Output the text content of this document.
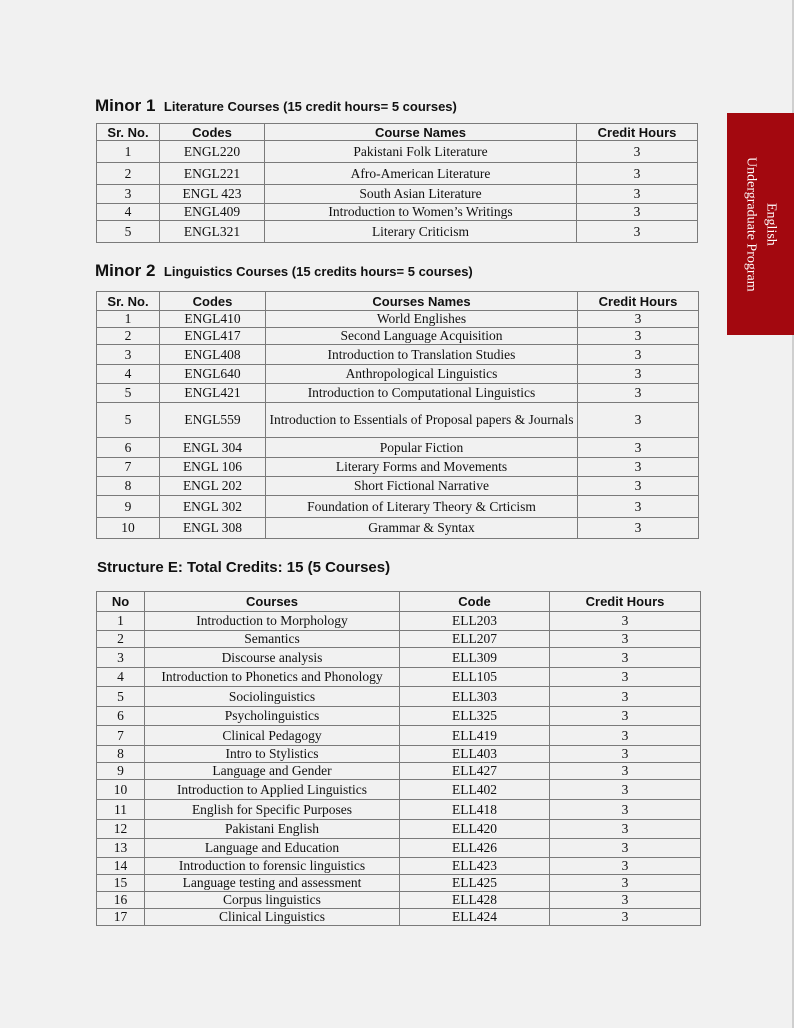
English
Undergraduate Program
Minor 1 Literature Courses (15 credit hours= 5 courses)
Sr. No.	Codes	Course Names	Credit Hours
1	ENGL220	Pakistani Folk Literature	3
2	ENGL221	Afro-American Literature	3
3	ENGL 423	South Asian Literature	3
4	ENGL409	Introduction to Women’s Writings	3
5	ENGL321	Literary Criticism	3
Minor 2 Linguistics Courses (15 credits hours= 5 courses)
Sr. No.	Codes	Courses Names	Credit Hours
1	ENGL410	World Englishes	3
2	ENGL417	Second Language Acquisition	3
3	ENGL408	Introduction to Translation Studies	3
4	ENGL640	Anthropological Linguistics	3
5	ENGL421	Introduction to Computational Linguistics	3
5	ENGL559	Introduction to Essentials of Proposal papers & Journals	3
6	ENGL 304	Popular Fiction	3
7	ENGL 106	Literary Forms and Movements	3
8	ENGL 202	Short Fictional Narrative	3
9	ENGL 302	Foundation of Literary Theory & Crticism	3
10	ENGL 308	Grammar & Syntax	3
Structure E: Total Credits: 15 (5 Courses)
No	Courses	Code	Credit Hours
1	Introduction to Morphology	ELL203	3
2	Semantics	ELL207	3
3	Discourse analysis	ELL309	3
4	Introduction to Phonetics and Phonology	ELL105	3
5	Sociolinguistics	ELL303	3
6	Psycholinguistics	ELL325	3
7	Clinical Pedagogy	ELL419	3
8	Intro to Stylistics	ELL403	3
9	Language and Gender	ELL427	3
10	Introduction to Applied Linguistics	ELL402	3
11	English for Specific Purposes	ELL418	3
12	Pakistani English	ELL420	3
13	Language and Education	ELL426	3
14	Introduction to forensic linguistics	ELL423	3
15	Language testing and assessment	ELL425	3
16	Corpus linguistics	ELL428	3
17	Clinical Linguistics	ELL424	3
